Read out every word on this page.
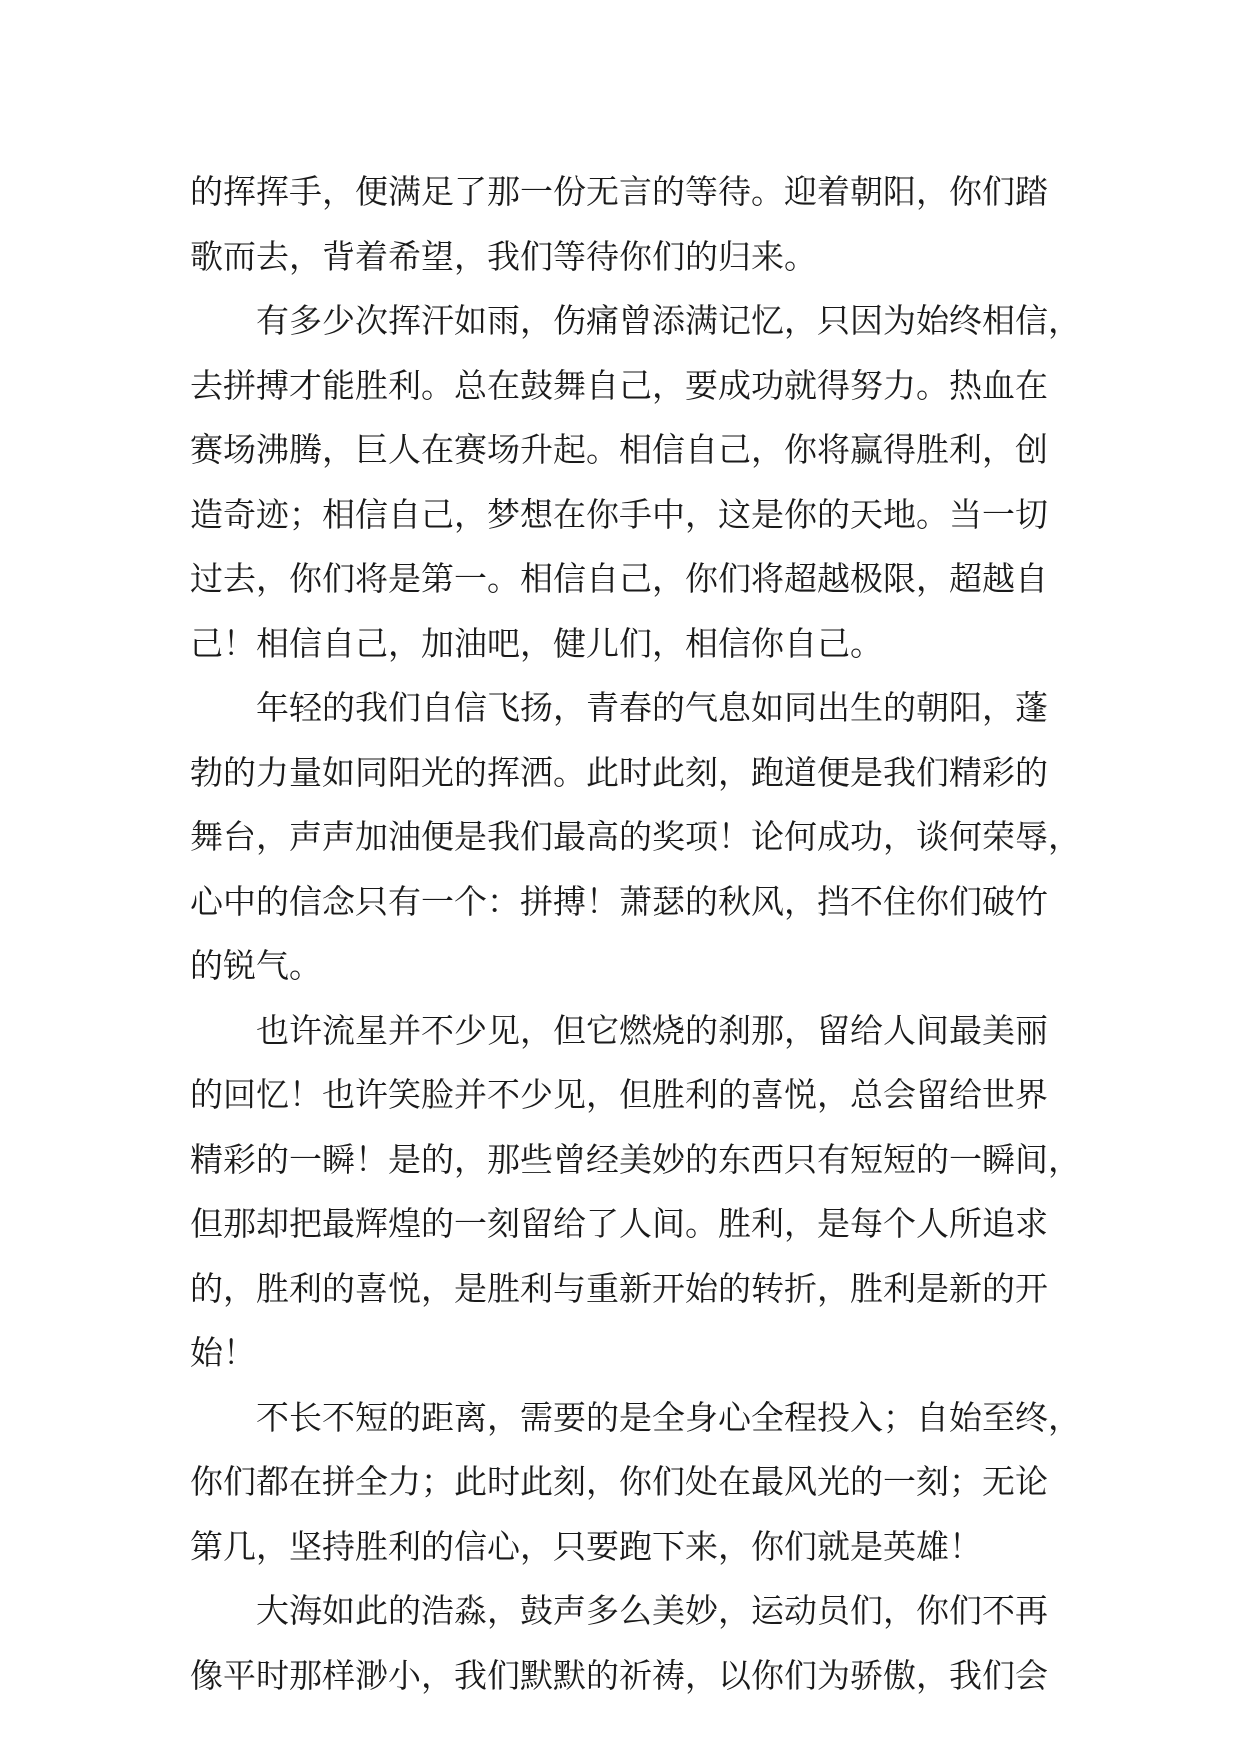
的挥挥手，便满足了那一份无言的等待。迎着朝阳，你们踏
歌而去，背着希望，我们等待你们的归来。
有多少次挥汗如雨，伤痛曾添满记忆，只因为始终相信，
去拼搏才能胜利。总在鼓舞自己，要成功就得努力。热血在
赛场沸腾，巨人在赛场升起。相信自己，你将赢得胜利，创
造奇迹；相信自己，梦想在你手中，这是你的天地。当一切
过去，你们将是第一。相信自己，你们将超越极限，超越自
己！相信自己，加油吧，健儿们，相信你自己。
年轻的我们自信飞扬，青春的气息如同出生的朝阳，蓬
勃的力量如同阳光的挥洒。此时此刻，跑道便是我们精彩的
舞台，声声加油便是我们最高的奖项！论何成功，谈何荣辱，
心中的信念只有一个：拼搏！萧瑟的秋风，挡不住你们破竹
的锐气。
也许流星并不少见，但它燃烧的刹那，留给人间最美丽
的回忆！也许笑脸并不少见，但胜利的喜悦，总会留给世界
精彩的一瞬！是的，那些曾经美妙的东西只有短短的一瞬间，
但那却把最辉煌的一刻留给了人间。胜利，是每个人所追求
的，胜利的喜悦，是胜利与重新开始的转折，胜利是新的开
始！
不长不短的距离，需要的是全身心全程投入；自始至终，
你们都在拼全力；此时此刻，你们处在最风光的一刻；无论
第几，坚持胜利的信心，只要跑下来，你们就是英雄！
大海如此的浩淼，鼓声多么美妙，运动员们，你们不再
像平时那样渺小，我们默默的祈祷，以你们为骄傲，我们会
